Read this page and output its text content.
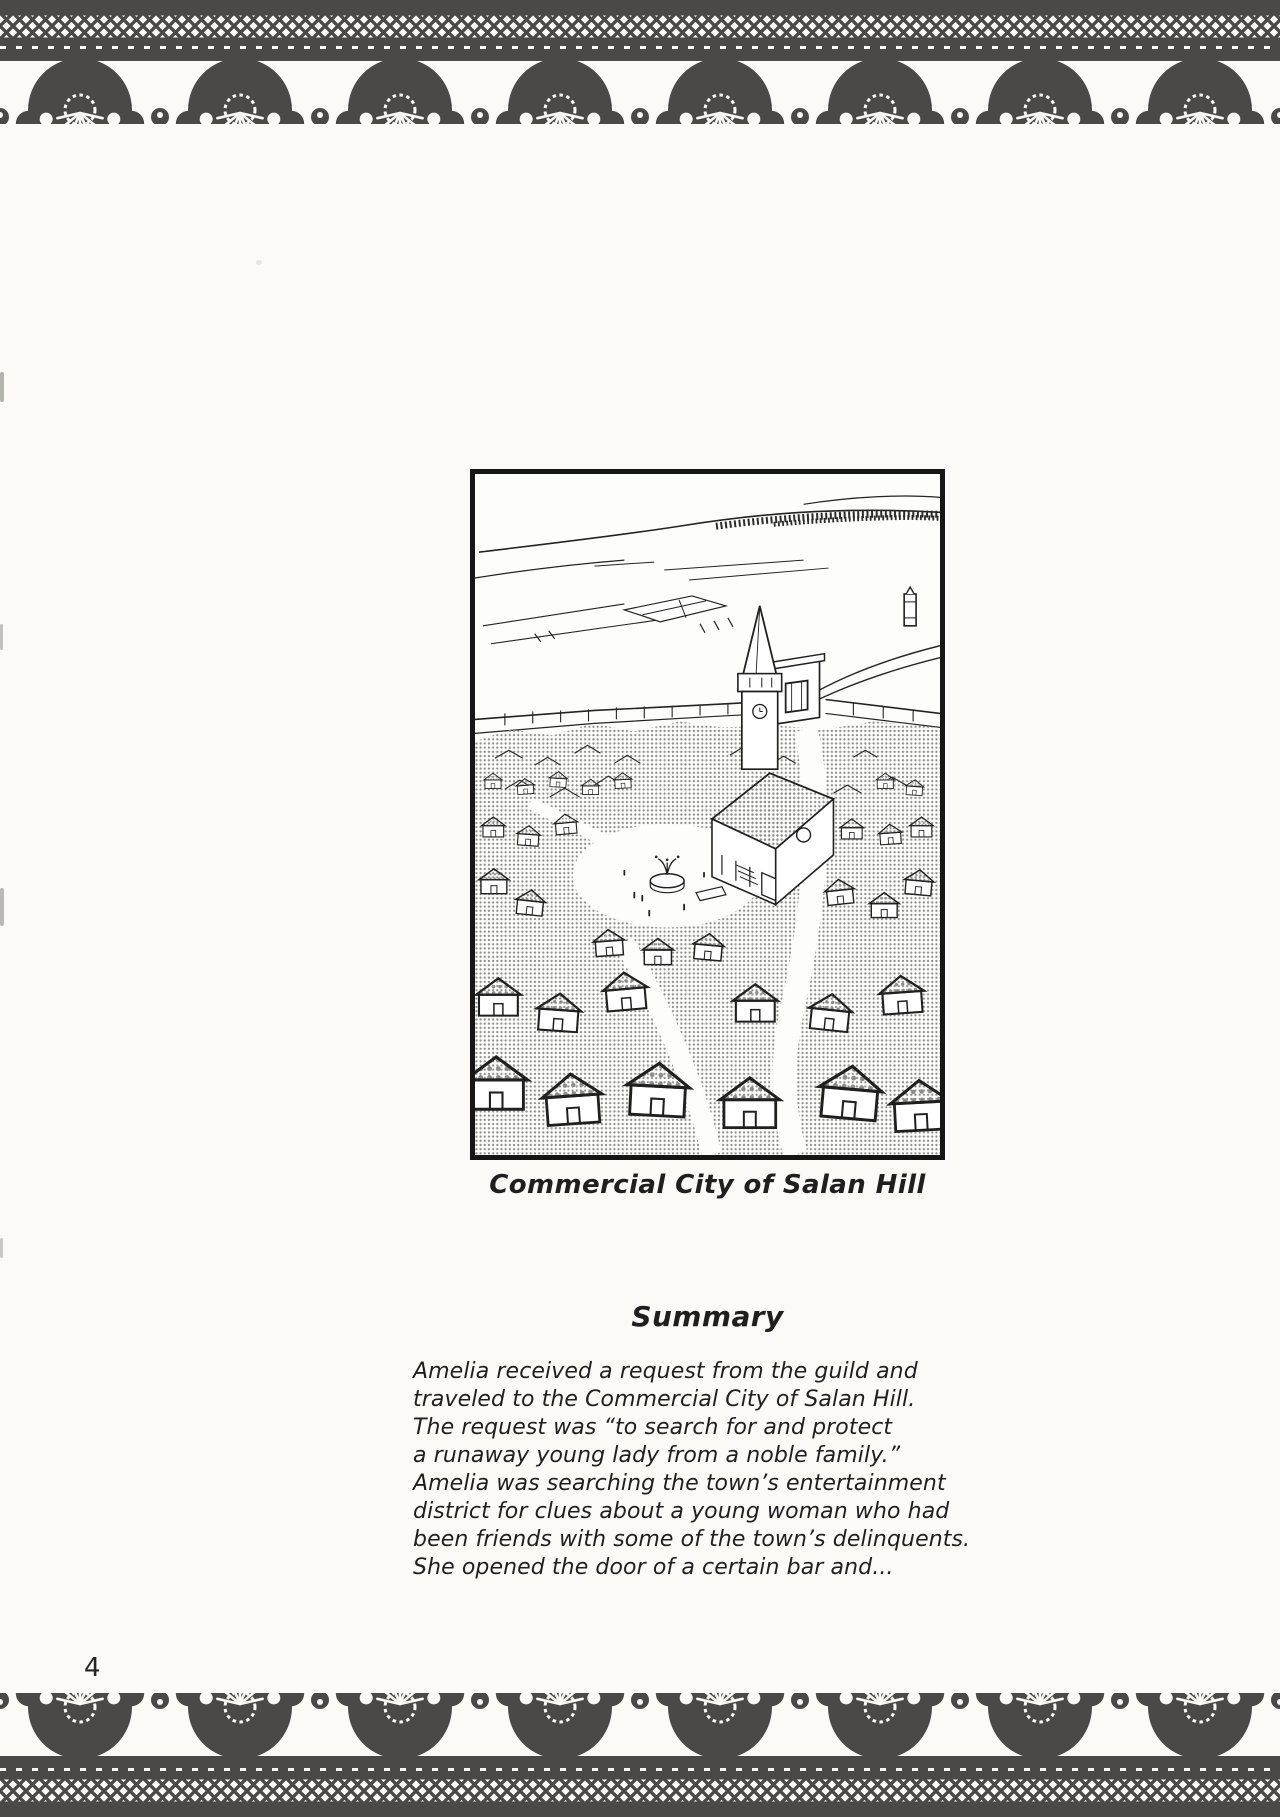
Commercial City of Salan Hill
Summary
Amelia received a request from the guild and
traveled to the Commercial City of Salan Hill.
The request was “to search for and protect
a runaway young lady from a noble family.”
Amelia was searching the town’s entertainment
district for clues about a young woman who had
been friends with some of the town’s delinquents.
She opened the door of a certain bar and...
4
